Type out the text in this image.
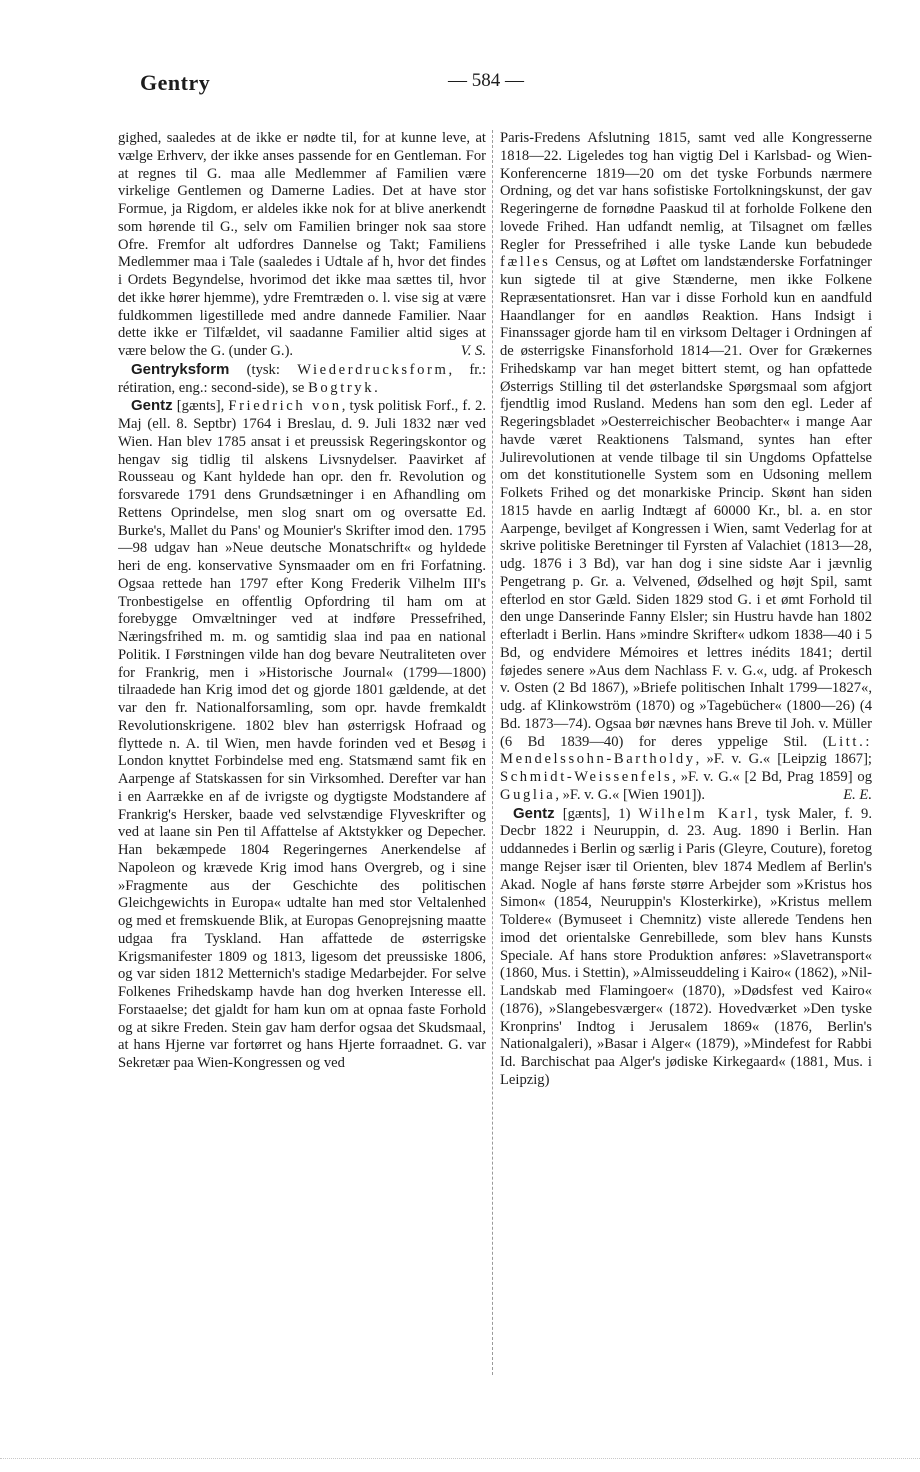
Gentry	— 584 —

gighed, saaledes at de ikke er nødte til, for at kunne leve, at vælge Erhverv, der ikke anses passende for en Gentleman. For at regnes til G. maa alle Medlemmer af Familien være virkelige Gentlemen og Damerne Ladies. Det at have stor Formue, ja Rigdom, er aldeles ikke nok for at blive anerkendt som hørende til G., selv om Familien bringer nok saa store Ofre. Fremfor alt udfordres Dannelse og Takt; Familiens Medlemmer maa i Tale (saaledes i Udtale af h, hvor det findes i Ordets Begyndelse, hvorimod det ikke maa sættes til, hvor det ikke hører hjemme), ydre Fremtræden o. l. vise sig at være fuldkommen ligestillede med andre dannede Familier. Naar dette ikke er Tilfældet, vil saadanne Familier altid siges at være below the G. (under G.).	V. S.

Gentryksform (tysk: Wiederdrucksform, fr.: rétiration, eng.: second-side), se Bogtryk.

Gentz [gænts], Friedrich von, tysk politisk Forf., f. 2. Maj (ell. 8. Septbr) 1764 i Breslau, d. 9. Juli 1832 nær ved Wien. Han blev 1785 ansat i et preussisk Regeringskontor og hengav sig tidlig til alskens Livsnydelser. Paavirket af Rousseau og Kant hyldede han opr. den fr. Revolution og forsvarede 1791 dens Grundsætninger i en Afhandling om Rettens Oprindelse, men slog snart om og oversatte Ed. Burke's, Mallet du Pans' og Mounier's Skrifter imod den. 1795—98 udgav han »Neue deutsche Monatschrift« og hyldede heri de eng. konservative Synsmaader om en fri Forfatning. Ogsaa rettede han 1797 efter Kong Frederik Vilhelm III's Tronbestigelse en offentlig Opfordring til ham om at forebygge Omvæltninger ved at indføre Pressefrihed, Næringsfrihed m. m. og samtidig slaa ind paa en national Politik. I Førstningen vilde han dog bevare Neutraliteten over for Frankrig, men i »Historische Journal« (1799—1800) tilraadede han Krig imod det og gjorde 1801 gældende, at det var den fr. Nationalforsamling, som opr. havde fremkaldt Revolutionskrigene. 1802 blev han østerrigsk Hofraad og flyttede n. A. til Wien, men havde forinden ved et Besøg i London knyttet Forbindelse med eng. Statsmænd samt fik en Aarpenge af Statskassen for sin Virksomhed. Derefter var han i en Aarrække en af de ivrigste og dygtigste Modstandere af Frankrig's Hersker, baade ved selvstændige Flyveskrifter og ved at laane sin Pen til Affattelse af Aktstykker og Depecher. Han bekæmpede 1804 Regeringernes Anerkendelse af Napoleon og krævede Krig imod hans Overgreb, og i sine »Fragmente aus der Geschichte des politischen Gleichgewichts in Europa« udtalte han med stor Veltalenhed og med et fremskuende Blik, at Europas Genoprejsning maatte udgaa fra Tyskland. Han affattede de østerrigske Krigsmanifester 1809 og 1813, ligesom det preussiske 1806, og var siden 1812 Metternich's stadige Medarbejder. For selve Folkenes Frihedskamp havde han dog hverken Interesse ell. Forstaaelse; det gjaldt for ham kun om at opnaa faste Forhold og at sikre Freden. Stein gav ham derfor ogsaa det Skudsmaal, at hans Hjerne var fortørret og hans Hjerte forraadnet. G. var Sekretær paa Wien-Kongressen og ved

Paris-Fredens Afslutning 1815, samt ved alle Kongresserne 1818—22. Ligeledes tog han vigtig Del i Karlsbad- og Wien-Konferencerne 1819—20 om det tyske Forbunds nærmere Ordning, og det var hans sofistiske Fortolkningskunst, der gav Regeringerne de fornødne Paaskud til at forholde Folkene den lovede Frihed. Han udfandt nemlig, at Tilsagnet om fælles Regler for Pressefrihed i alle tyske Lande kun bebudede fælles Census, og at Løftet om landstænderske Forfatninger kun sigtede til at give Stænderne, men ikke Folkene Repræsentationsret. Han var i disse Forhold kun en aandfuld Haandlanger for en aandløs Reaktion. Hans Indsigt i Finanssager gjorde ham til en virksom Deltager i Ordningen af de østerrigske Finansforhold 1814—21. Over for Grækernes Frihedskamp var han meget bittert stemt, og han opfattede Østerrigs Stilling til det østerlandske Spørgsmaal som afgjort fjendtlig imod Rusland. Medens han som den egl. Leder af Regeringsbladet »Oesterreichischer Beobachter« i mange Aar havde været Reaktionens Talsmand, syntes han efter Julirevolutionen at vende tilbage til sin Ungdoms Opfattelse om det konstitutionelle System som en Udsoning mellem Folkets Frihed og det monarkiske Princip. Skønt han siden 1815 havde en aarlig Indtægt af 60000 Kr., bl. a. en stor Aarpenge, bevilget af Kongressen i Wien, samt Vederlag for at skrive politiske Beretninger til Fyrsten af Valachiet (1813—28, udg. 1876 i 3 Bd), var han dog i sine sidste Aar i jævnlig Pengetrang p. Gr. a. Velvened, Ødselhed og højt Spil, samt efterlod en stor Gæld. Siden 1829 stod G. i et ømt Forhold til den unge Danserinde Fanny Elsler; sin Hustru havde han 1802 efterladt i Berlin. Hans »mindre Skrifter« udkom 1838—40 i 5 Bd, og endvidere Mémoires et lettres inédits 1841; dertil føjedes senere »Aus dem Nachlass F. v. G.«, udg. af Prokesch v. Osten (2 Bd 1867), »Briefe politischen Inhalt 1799—1827«, udg. af Klinkowström (1870) og »Tagebücher« (1800—26) (4 Bd. 1873—74). Ogsaa bør nævnes hans Breve til Joh. v. Müller (6 Bd 1839—40) for deres yppelige Stil. (Litt.: Mendelssohn-Bartholdy, »F. v. G.« [Leipzig 1867]; Schmidt-Weissenfels, »F. v. G.« [2 Bd, Prag 1859] og Guglia, »F. v. G.« [Wien 1901]).	E. E.

Gentz [gænts], 1) Wilhelm Karl, tysk Maler, f. 9. Decbr 1822 i Neuruppin, d. 23. Aug. 1890 i Berlin. Han uddannedes i Berlin og særlig i Paris (Gleyre, Couture), foretog mange Rejser især til Orienten, blev 1874 Medlem af Berlin's Akad. Nogle af hans første større Arbejder som »Kristus hos Simon« (1854, Neuruppin's Klosterkirke), »Kristus mellem Toldere« (Bymuseet i Chemnitz) viste allerede Tendens hen imod det orientalske Genrebillede, som blev hans Kunsts Speciale. Af hans store Produktion anføres: »Slavetransport« (1860, Mus. i Stettin), »Almisseuddeling i Kairo« (1862), »Nil-Landskab med Flamingoer« (1870), »Dødsfest ved Kairo« (1876), »Slangebesværger« (1872). Hovedværket »Den tyske Kronprins' Indtog i Jerusalem 1869« (1876, Berlin's Nationalgaleri), »Basar i Alger« (1879), »Mindefest for Rabbi Id. Barchischat paa Alger's jødiske Kirkegaard« (1881, Mus. i Leipzig)
